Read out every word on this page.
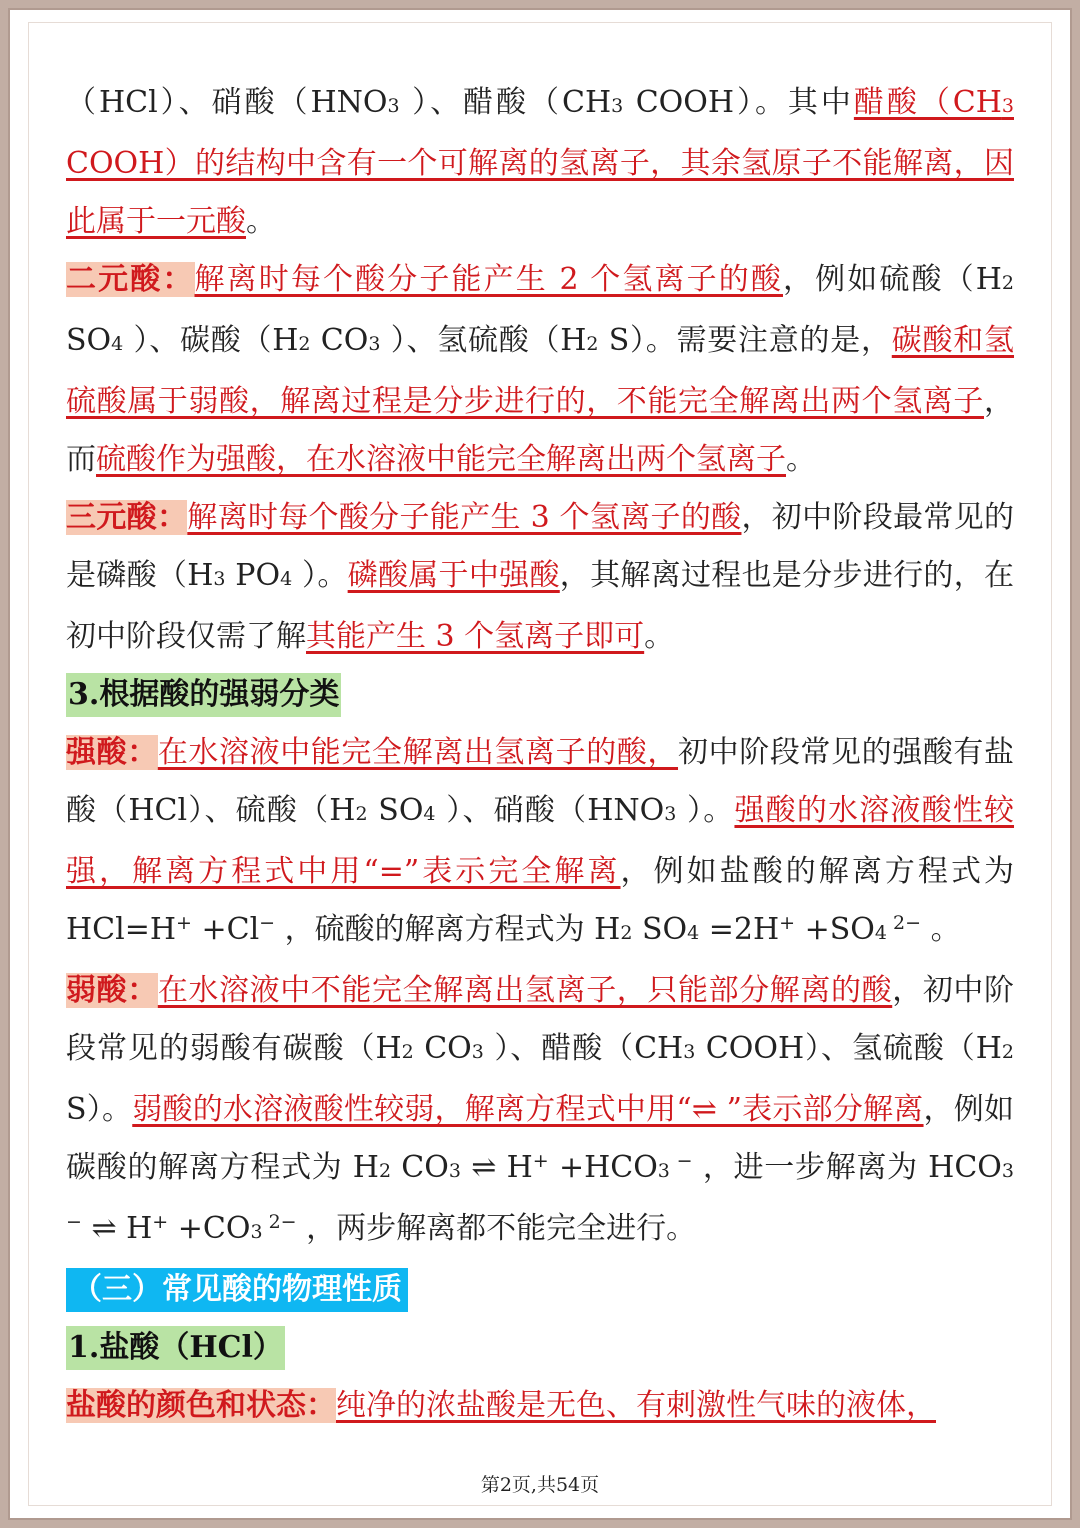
（HCl）、硝酸（HNO3 ）、醋酸（CH3 COOH）。其中醋酸（CH3 COOH）的结构中含有一个可解离的氢离子，其余氢原子不能解离，因此属于一元酸。

二元酸：解离时每个酸分子能产生 2 个氢离子的酸，例如硫酸（H2 SO4 ）、碳酸（H2 CO3 ）、氢硫酸（H2 S）。需要注意的是，碳酸和氢硫酸属于弱酸，解离过程是分步进行的，不能完全解离出两个氢离子，而硫酸作为强酸，在水溶液中能完全解离出两个氢离子。

三元酸：解离时每个酸分子能产生 3 个氢离子的酸，初中阶段最常见的是磷酸（H3 PO4 ）。磷酸属于中强酸，其解离过程也是分步进行的，在初中阶段仅需了解其能产生 3 个氢离子即可。

3.根据酸的强弱分类

强酸：在水溶液中能完全解离出氢离子的酸，初中阶段常见的强酸有盐酸（HCl）、硫酸（H2 SO4 ）、硝酸（HNO3 ）。强酸的水溶液酸性较强，解离方程式中用“=”表示完全解离，例如盐酸的解离方程式为 HCl=H+ +Cl− ，硫酸的解离方程式为 H2 SO4 =2H+ +SO4 $^{2-}$ 。

弱酸：在水溶液中不能完全解离出氢离子，只能部分解离的酸，初中阶段常见的弱酸有碳酸（H2 CO3 ）、醋酸（CH3 COOH）、氢硫酸（H2 S）。弱酸的水溶液酸性较弱，解离方程式中用“⇌ ”表示部分解离，例如碳酸的解离方程式为 H2 CO3 ⇌ H+ +HCO3 − ，进一步解离为 HCO3 − ⇌ H+ +CO3 $^{2-}$ ，两步解离都不能完全进行。

（三）常见酸的物理性质

1.盐酸（HCl）

盐酸的颜色和状态：纯净的浓盐酸是无色、有刺激性气味的液体，

第2页,共54页
